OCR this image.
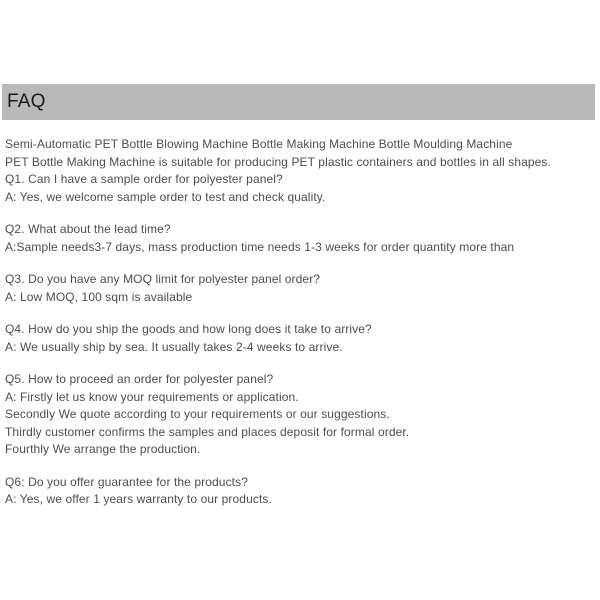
FAQ
Semi-Automatic PET Bottle Blowing Machine Bottle Making Machine Bottle Moulding Machine
PET Bottle Making Machine is suitable for producing PET plastic containers and bottles in all shapes.
Q1. Can I have a sample order for polyester panel?
A: Yes, we welcome sample order to test and check quality.
Q2. What about the lead time?
A:Sample needs3-7 days, mass production time needs 1-3 weeks for order quantity more than
Q3. Do you have any MOQ limit for polyester panel order?
A: Low MOQ, 100 sqm is available
Q4. How do you ship the goods and how long does it take to arrive?
A: We usually ship by sea. It usually takes 2-4 weeks to arrive.
Q5. How to proceed an order for polyester panel?
A: Firstly let us know your requirements or application.
Secondly We quote according to your requirements or our suggestions.
Thirdly customer confirms the samples and places deposit for formal order.
Fourthly We arrange the production.
Q6: Do you offer guarantee for the products?
A: Yes, we offer 1 years warranty to our products.
